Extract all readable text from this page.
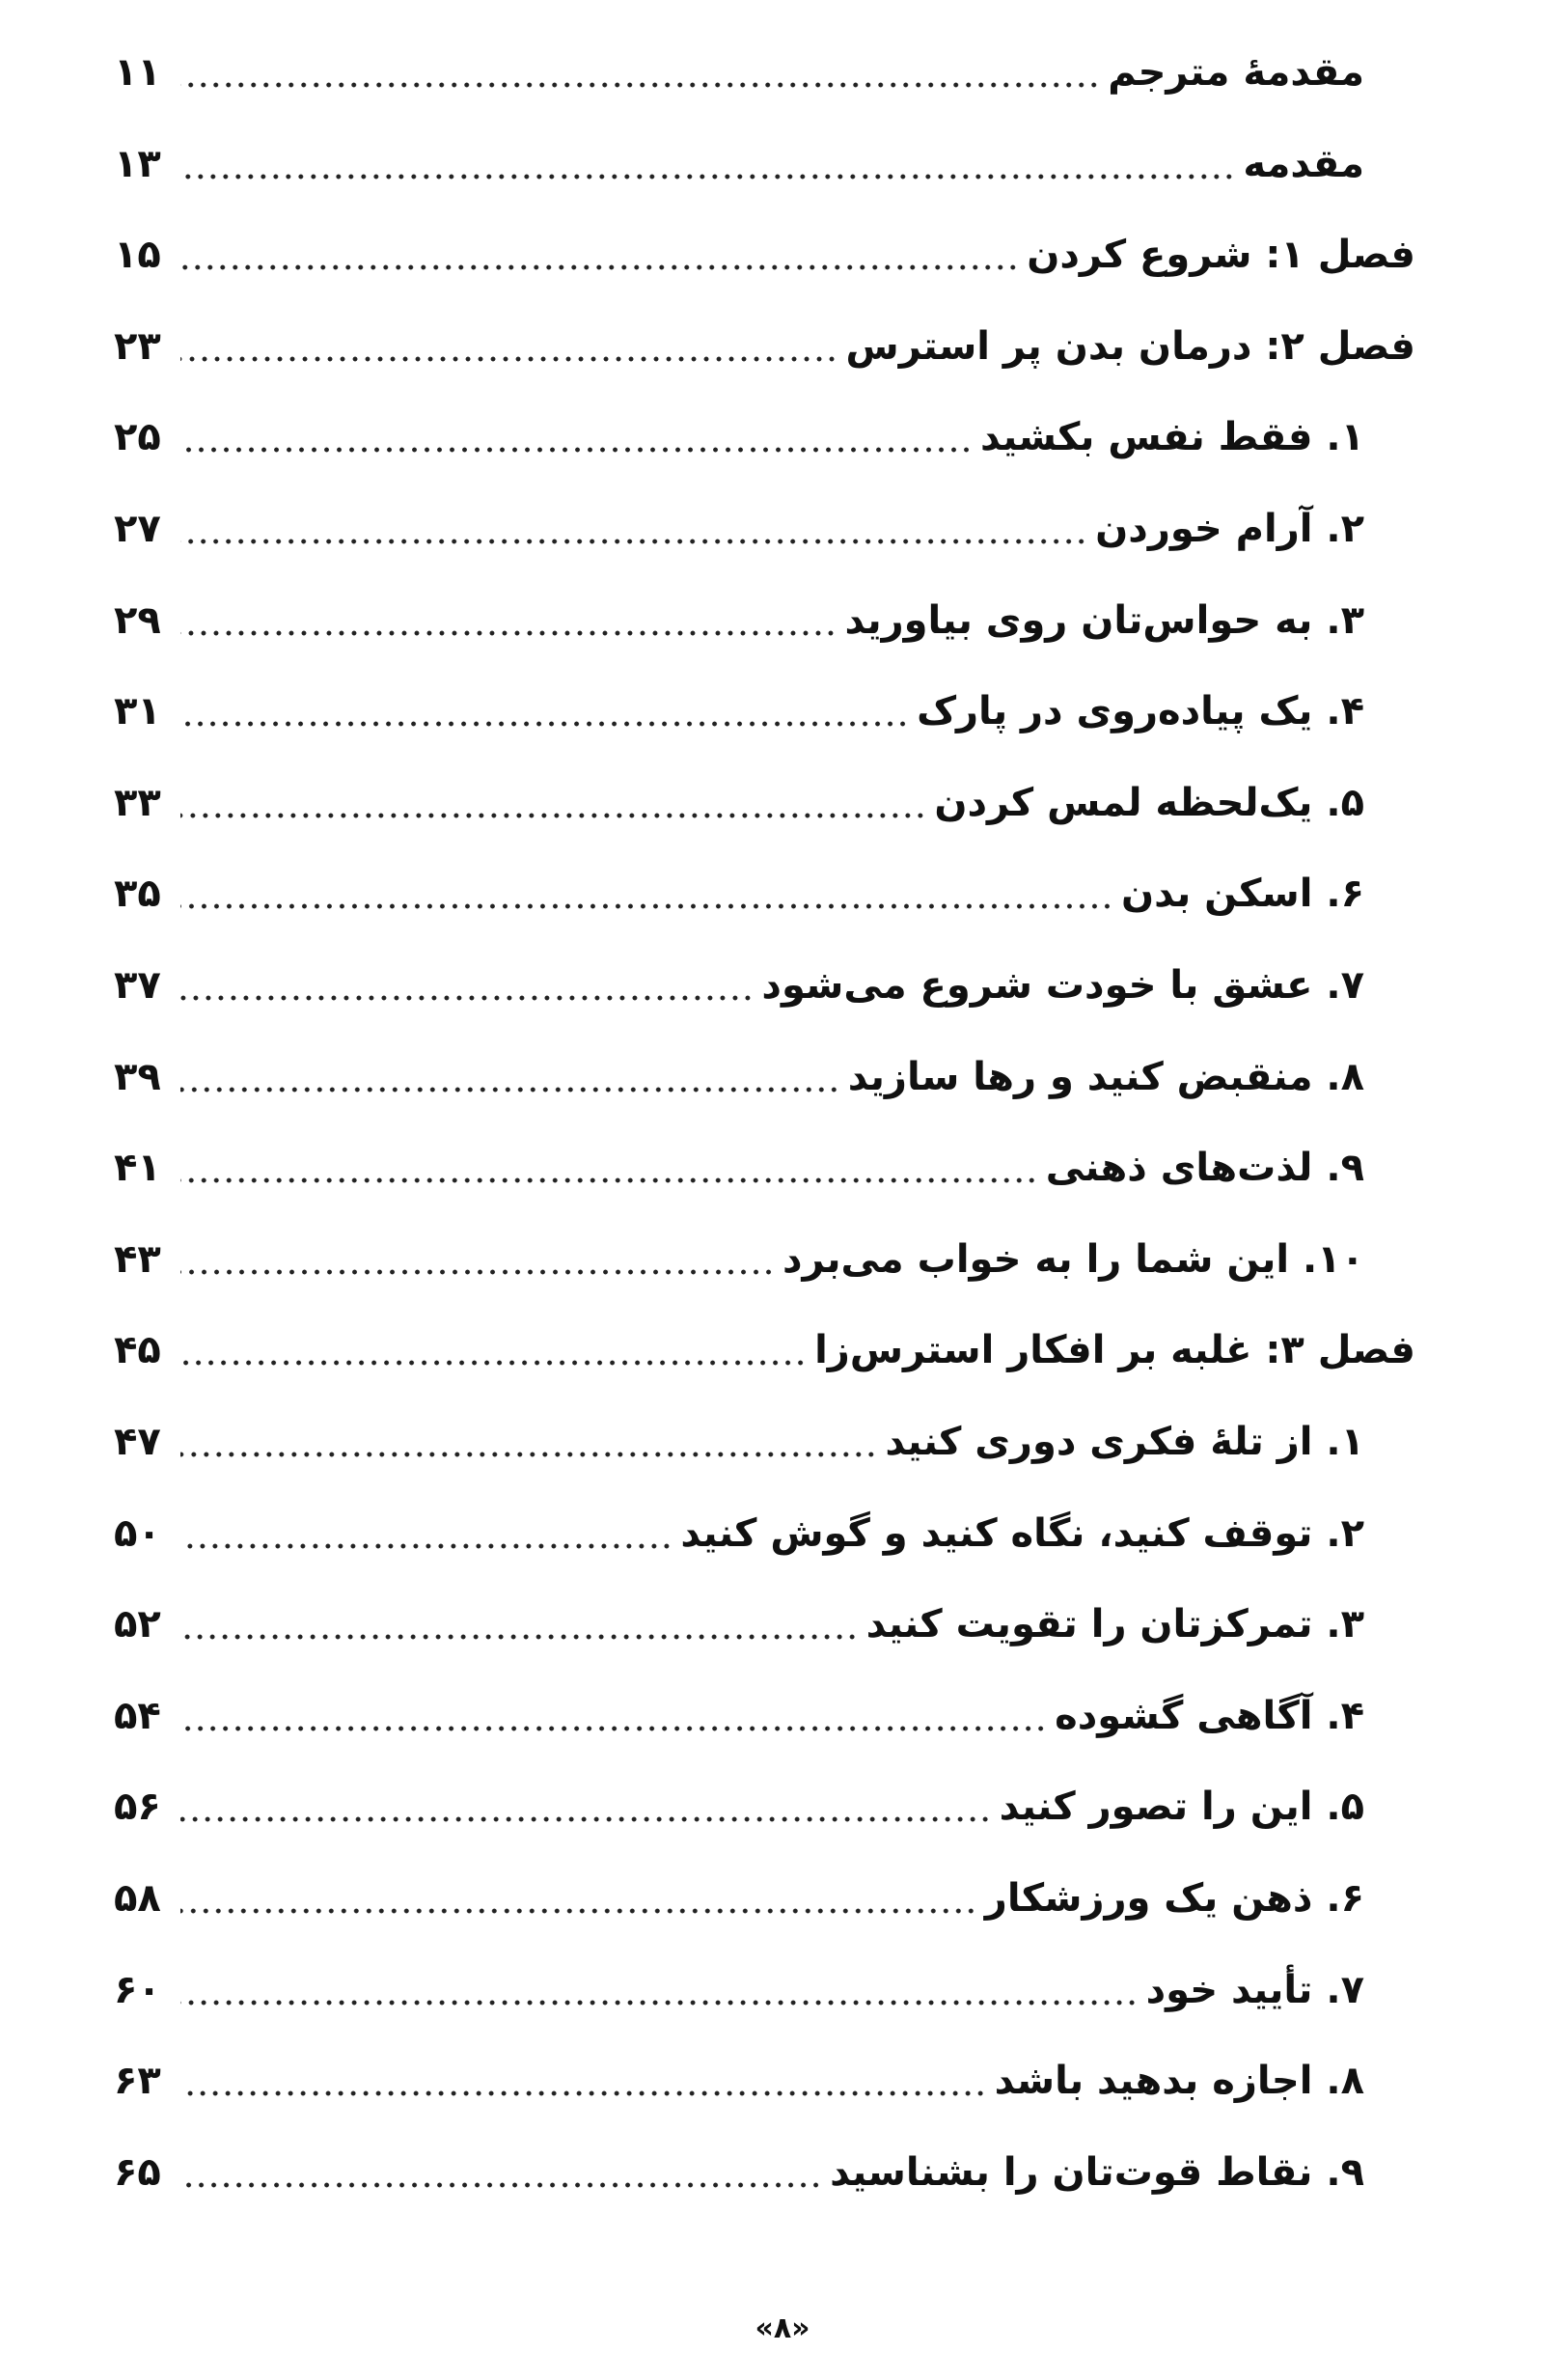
مقدمهٔ مترجم
۱۱
مقدمه
۱۳
فصل ۱: شروع کردن
۱۵
فصل ۲: درمان بدن پر استرس
۲۳
۱. فقط نفس بکشید
۲۵
۲. آرام خوردن
۲۷
۳. به حواس‌تان روی بیاورید
۲۹
۴. یک پیاده‌روی در پارک
۳۱
۵. یک‌لحظه لمس کردن
۳۳
۶. اسکن بدن
۳۵
۷. عشق با خودت شروع می‌شود
۳۷
۸. منقبض کنید و رها سازید
۳۹
۹. لذت‌های ذهنی
۴۱
۱۰. این شما را به خواب می‌برد
۴۳
فصل ۳: غلبه بر افکار استرس‌زا
۴۵
۱. از تلهٔ فکری دوری کنید
۴۷
۲. توقف کنید، نگاه کنید و گوش کنید
۵۰
۳. تمرکزتان را تقویت کنید
۵۲
۴. آگاهی گشوده
۵۴
۵. این را تصور کنید
۵۶
۶. ذهن یک ورزشکار
۵۸
۷. تأیید خود
۶۰
۸. اجازه بدهید باشد
۶۳
۹. نقاط قوت‌تان را بشناسید
۶۵
«۸»
